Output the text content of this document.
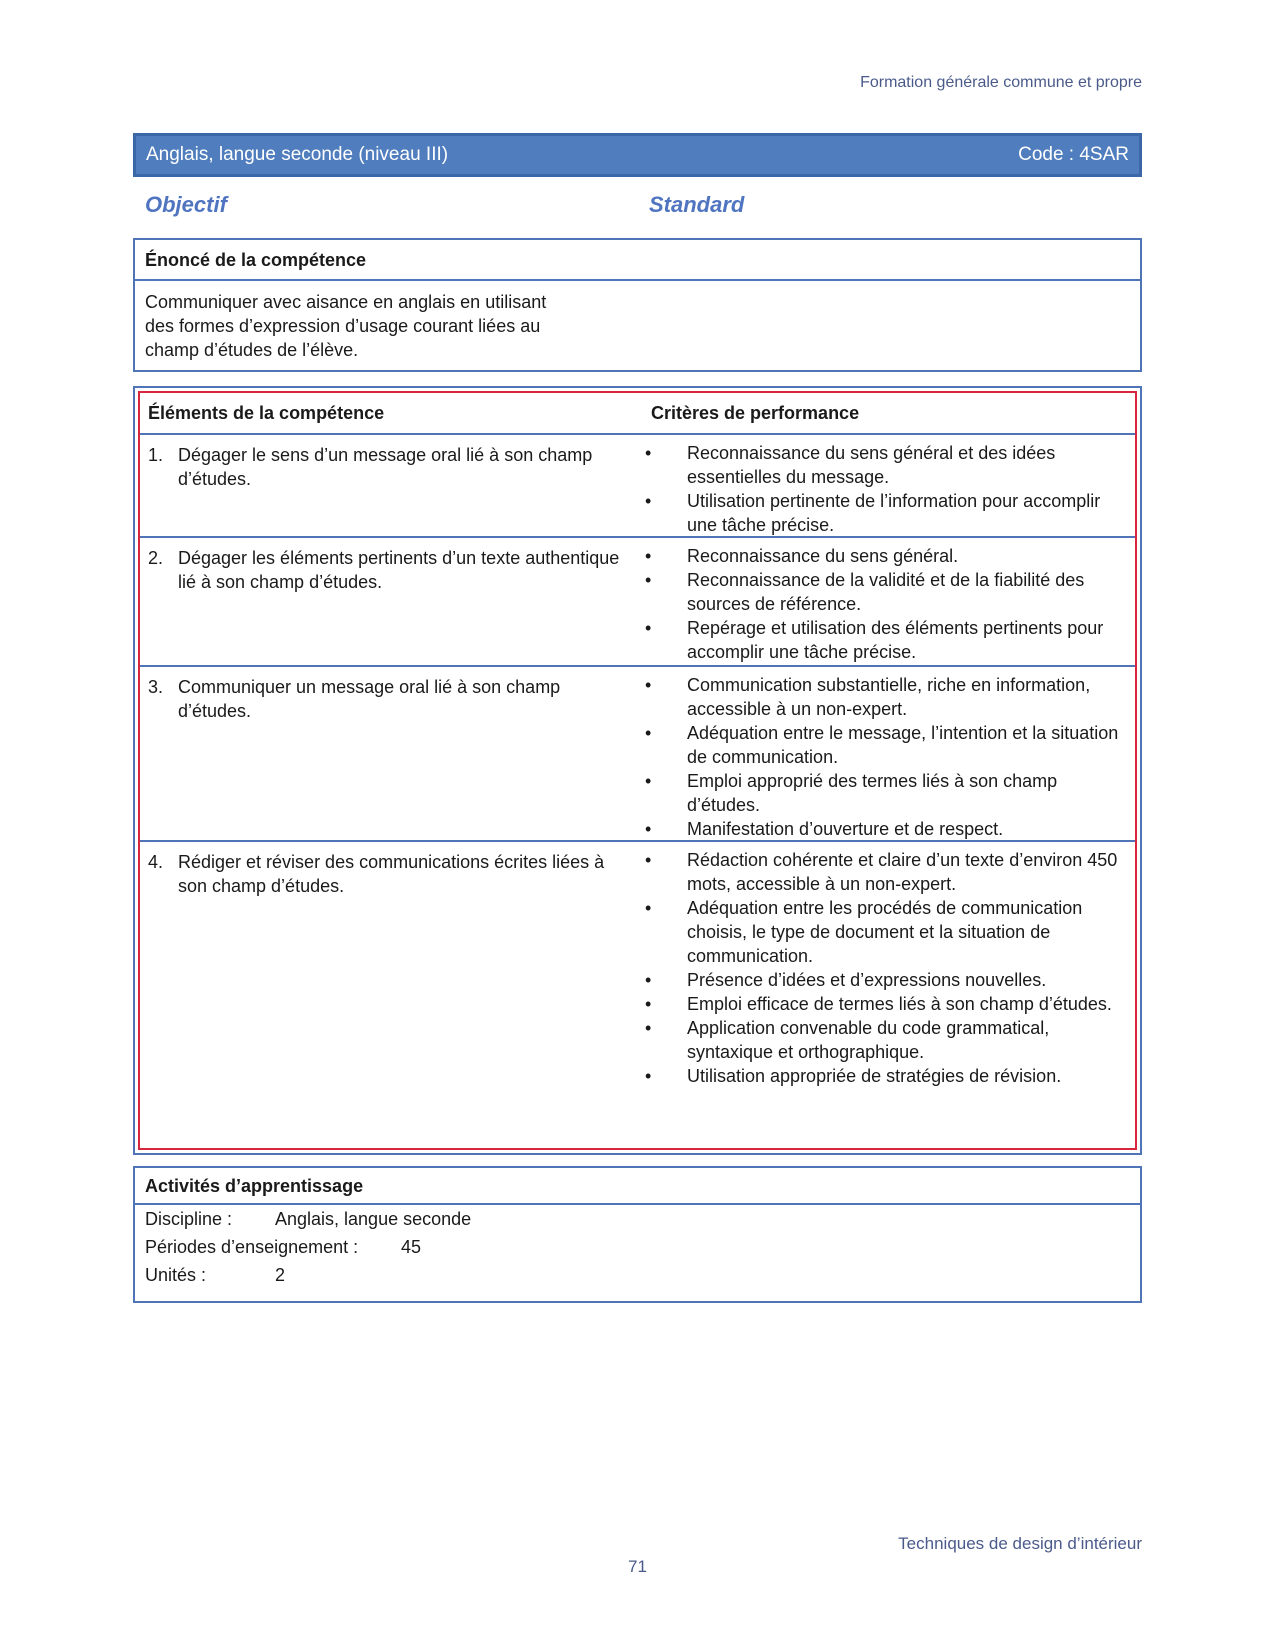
Formation générale commune et propre
Anglais, langue seconde (niveau III)	Code : 4SAR
Objectif	Standard
Énoncé de la compétence
Communiquer avec aisance en anglais en utilisant
des formes d’expression d’usage courant liées au
champ d’études de l’élève.
Éléments de la compétence	Critères de performance
1. Dégager le sens d’un message oral lié à son champ d’études.
•	Reconnaissance du sens général et des idées essentielles du message.
•	Utilisation pertinente de l’information pour accomplir une tâche précise.
2. Dégager les éléments pertinents d’un texte authentique lié à son champ d’études.
•	Reconnaissance du sens général.
•	Reconnaissance de la validité et de la fiabilité des sources de référence.
•	Repérage et utilisation des éléments pertinents pour accomplir une tâche précise.
3. Communiquer un message oral lié à son champ d’études.
•	Communication substantielle, riche en information, accessible à un non-expert.
•	Adéquation entre le message, l’intention et la situation de communication.
•	Emploi approprié des termes liés à son champ d’études.
•	Manifestation d’ouverture et de respect.
4. Rédiger et réviser des communications écrites liées à son champ d’études.
•	Rédaction cohérente et claire d’un texte d’environ 450 mots, accessible à un non-expert.
•	Adéquation entre les procédés de communication choisis, le type de document et la situation de communication.
•	Présence d’idées et d’expressions nouvelles.
•	Emploi efficace de termes liés à son champ d’études.
•	Application convenable du code grammatical, syntaxique et orthographique.
•	Utilisation appropriée de stratégies de révision.
Activités d’apprentissage
Discipline :	Anglais, langue seconde
Périodes d’enseignement :	45
Unités :	2
Techniques de design d’intérieur
71
